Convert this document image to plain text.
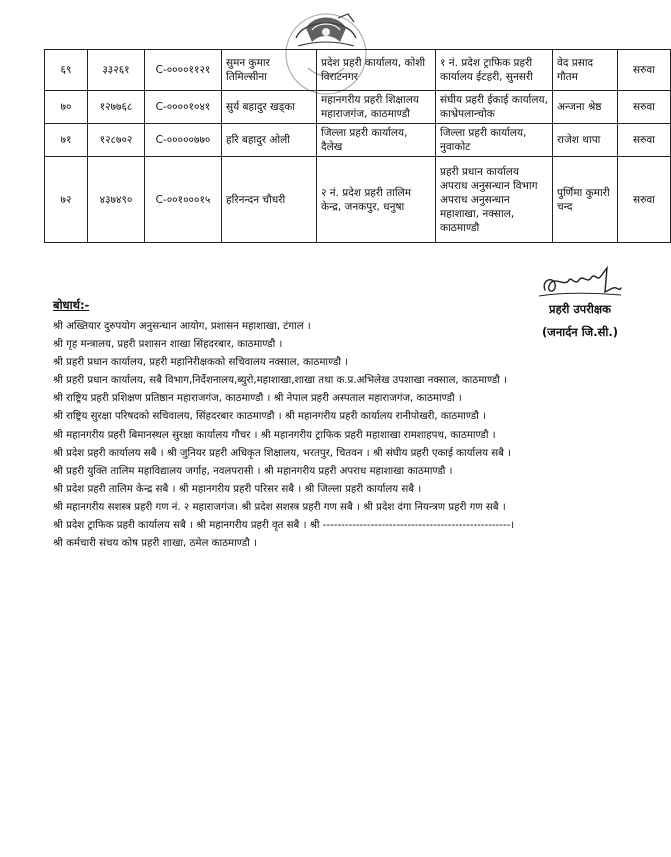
६९	३३२६१	C-००००११२१	सुमन कुमार तिमिल्सीना	प्रदेश प्रहरी कार्यालय, कोशी विराटनगर	१ नं. प्रदेश ट्राफिक प्रहरी कार्यालय ईटहरी, सुनसरी	वेद प्रसाद गौतम	सरुवा
७०	१२७७६८	C-००००१०४१	सुर्य बहादुर खड्का	महानगरीय प्रहरी शिक्षालय महाराजगंज, काठमाण्डौ	संघीय प्रहरी ईकाई कार्यालय, काभ्रेपलान्चोक	अन्जना श्रेष्ठ	सरुवा
७१	१२८७०२	C-०००००७७०	हरि बहादुर ओली	जिल्ला प्रहरी कार्यालय, दैलेख	जिल्ला प्रहरी कार्यालय, नुवाकोट	राजेश थापा	सरुवा
७२	४३७४९०	C-००१०००१५	हरिनन्दन चौधरी	२ नं. प्रदेश प्रहरी तालिम केन्द्र, जनकपुर, धनुषा	प्रहरी प्रधान कार्यालय अपराध अनुसन्धान विभाग अपराध अनुसन्धान महाशाखा, नक्साल, काठमाण्डौ	पुर्णिमा कुमारी चन्द	सरुवा
प्रहरी उपरीक्षक
(जनार्दन जि.सी.)
बोधार्थ:-
श्री अख्तियार दुरुपयोग अनुसन्धान आयोग, प्रशासन महाशाखा, टंगाल ।
श्री गृह मन्त्रालय, प्रहरी प्रशासन शाखा सिंहदरबार, काठमाण्डौ ।
श्री प्रहरी प्रधान कार्यालय, प्रहरी महानिरीक्षकको सचिवालय नक्साल, काठमाण्डौ ।
श्री प्रहरी प्रधान कार्यालय, सबै विभाग,निर्देशनालय,ब्युरो,महाशाखा,शाखा तथा क.प्र.अभिलेख उपशाखा नक्साल, काठमाण्डौ ।
श्री राष्ट्रिय प्रहरी प्रशिक्षण प्रतिष्ठान महाराजगंज, काठमाण्डौ । श्री नेपाल प्रहरी अस्पताल महाराजगंज, काठमाण्डौ ।
श्री राष्ट्रिय सुरक्षा परिषदको सचिवालय, सिंहदरबार काठमाण्डौ । श्री महानगरीय प्रहरी कार्यालय रानीपोखरी, काठमाण्डौ ।
श्री महानगरीय प्रहरी बिमानस्थल सुरक्षा कार्यालय गौचर । श्री महानगरीय ट्राफिक प्रहरी महाशाखा रामशाहपथ, काठमाण्डौ ।
श्री प्रदेश प्रहरी कार्यालय सबै । श्री जुनियर प्रहरी अधिकृत शिक्षालय, भरतपुर, चितवन । श्री संघीय प्रहरी एकाई कार्यालय सबै ।
श्री प्रहरी युक्ति तालिम महाविद्यालय जर्गाह, नवलपरासी । श्री महानगरीय प्रहरी अपराध महाशाखा काठमाण्डौ ।
श्री प्रदेश प्रहरी तालिम केन्द्र सबै । श्री महानगरीय प्रहरी परिसर सबै । श्री जिल्ला प्रहरी कार्यालय सबै ।
श्री महानगरीय सशस्त्र प्रहरी गण नं. २ महाराजगंज। श्री प्रदेश सशस्त्र प्रहरी गण सबै । श्री प्रदेश दंगा नियन्त्रण प्रहरी गण सबै ।
श्री प्रदेश ट्राफिक प्रहरी कार्यालय सबै । श्री महानगरीय प्रहरी वृत सबै । श्री ---------------------------------------------------।
श्री कर्मचारी संचय कोष प्रहरी शाखा, ठमेल काठमाण्डौ ।
